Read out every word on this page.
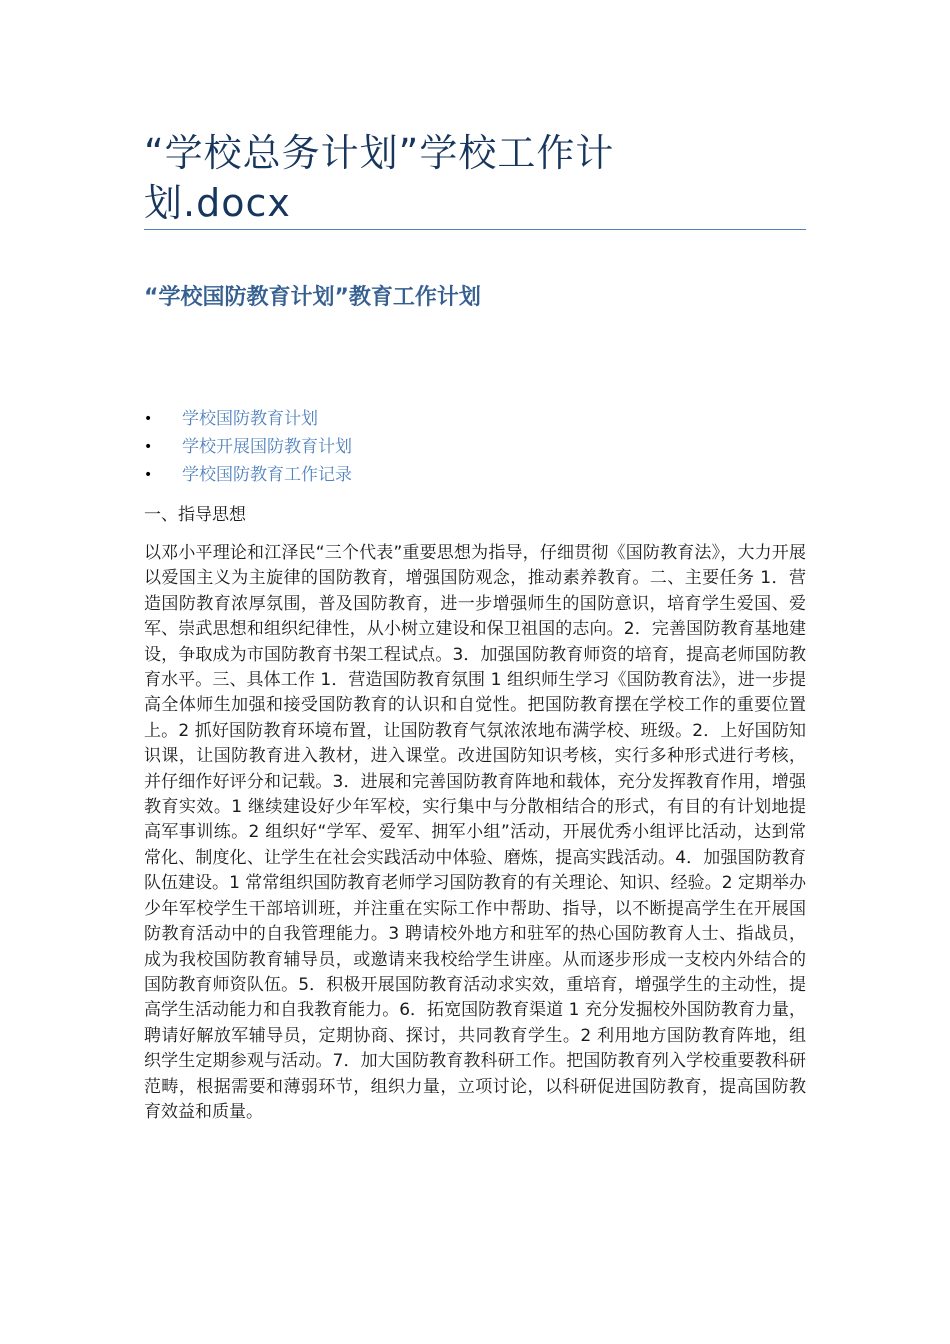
“学校总务计划”学校工作计划.docx
“学校国防教育计划”教育工作计划
• 学校国防教育计划
• 学校开展国防教育计划
• 学校国防教育工作记录
一、指导思想

以邓小平理论和江泽民“三个代表”重要思想为指导，仔细贯彻《国防教育法》，大力开展以爱国主义为主旋律的国防教育，增强国防观念，推动素养教育。二、主要任务 1．营造国防教育浓厚氛围，普及国防教育，进一步增强师生的国防意识，培育学生爱国、爱军、崇武思想和组织纪律性，从小树立建设和保卫祖国的志向。2．完善国防教育基地建设，争取成为市国防教育书架工程试点。3．加强国防教育师资的培育，提高老师国防教育水平。三、具体工作 1．营造国防教育氛围 1 组织师生学习《国防教育法》，进一步提高全体师生加强和接受国防教育的认识和自觉性。把国防教育摆在学校工作的重要位置上。2 抓好国防教育环境布置，让国防教育气氛浓浓地布满学校、班级。2．上好国防知识课，让国防教育进入教材，进入课堂。改进国防知识考核，实行多种形式进行考核，并仔细作好评分和记载。3．进展和完善国防教育阵地和载体，充分发挥教育作用，增强教育实效。1 继续建设好少年军校，实行集中与分散相结合的形式，有目的有计划地提高军事训练。2 组织好“学军、爱军、拥军小组”活动，开展优秀小组评比活动，达到常常化、制度化、让学生在社会实践活动中体验、磨炼，提高实践活动。4．加强国防教育队伍建设。1 常常组织国防教育老师学习国防教育的有关理论、知识、经验。2 定期举办少年军校学生干部培训班，并注重在实际工作中帮助、指导，以不断提高学生在开展国防教育活动中的自我管理能力。3 聘请校外地方和驻军的热心国防教育人士、指战员，成为我校国防教育辅导员，或邀请来我校给学生讲座。从而逐步形成一支校内外结合的国防教育师资队伍。5．积极开展国防教育活动求实效，重培育，增强学生的主动性，提高学生活动能力和自我教育能力。6．拓宽国防教育渠道 1 充分发掘校外国防教育力量，聘请好解放军辅导员，定期协商、探讨，共同教育学生。2 利用地方国防教育阵地，组织学生定期参观与活动。7．加大国防教育教科研工作。把国防教育列入学校重要教科研范畴，根据需要和薄弱环节，组织力量，立项讨论，以科研促进国防教育，提高国防教育效益和质量。
